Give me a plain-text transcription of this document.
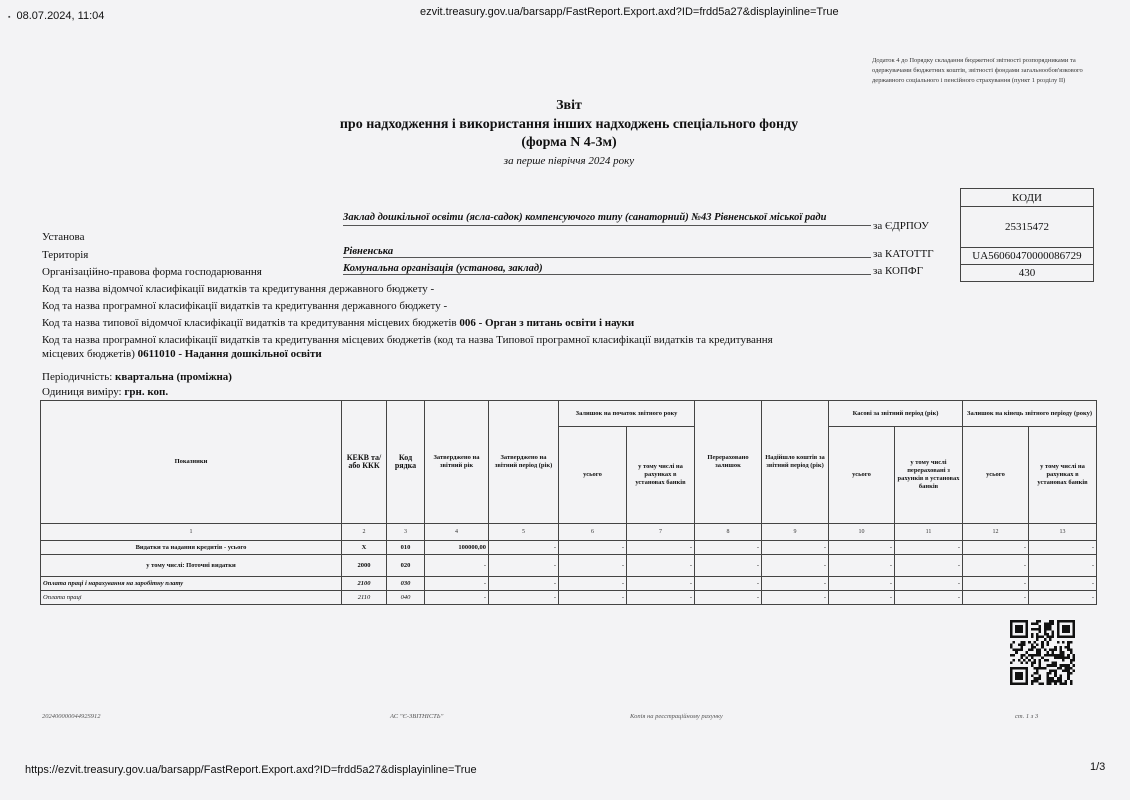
▪ 08.07.2024, 11:04	ezvit.treasury.gov.ua/barsapp/FastReport.Export.axd?ID=frdd5a27&displayinline=True
Додаток 4 до Порядку складання бюджетної звітності розпорядниками та одержувачами бюджетних коштів, звітності фондами загальнообов'язкового державного соціального і пенсійного страхування (пункт 1 розділу ІІ)
Звіт
про надходження і використання інших надходжень спеціального фонду
(форма N 4-3м)
за перше півріччя 2024 року
КОДИ
25315472
UA56060470000086729
430
Установа
Заклад дошкільної освіти (ясла-садок) компенсуючого типу (санаторний) №43 Рівненської міської ради
за ЄДРПОУ
Територія	Рівненська	за КАТОТТГ
Організаційно-правова форма господарювання	Комунальна організація (установа, заклад)	за КОПФГ
Код та назва відомчої класифікації видатків та кредитування державного бюджету -
Код та назва програмної класифікації видатків та кредитування державного бюджету -
Код та назва типової відомчої класифікації видатків та кредитування місцевих бюджетів 006 - Орган з питань освіти і науки
Код та назва програмної класифікації видатків та кредитування місцевих бюджетів (код та назва Типової програмної класифікації видатків та кредитування
місцевих бюджетів) 0611010 - Надання дошкільної освіти
Періодичність: квартальна (проміжна)
Одиниця виміру: грн. коп.
Показники	КЕКВ та/або ККК	Код рядка	Затверджено на звітний рік	Затверджено на звітний період (рік)	Залишок на початок звітного року		Перераховано залишок	Надійшло коштів за звітний період (рік)	Касові за звітний період (рік)		Залишок на кінець звітного періоду (року)	
					усього	у тому числі на рахунках в установах банків			усього	у тому числі перераховані з рахунків в установах банків	усього	у тому числі на рахунках в установах банків
1	2	3	4	5	6	7	8	9	10	11	12	13
Видатки та надання кредитів - усього	X	010	100000,00	-	-	-	-	-	-	-	-	-
у тому числі: Поточні видатки	2000	020	-	-	-	-	-	-	-	-	-	-
Оплата праці і нарахування на заробітну плату	2100	030	-	-	-	-	-	-	-	-	-	-
Оплата праці	2110	040	-	-	-	-	-	-	-	-	-	-
20240000004492S912	АС "Є-ЗВІТНІСТЬ"	Копія на реєстраційному рахунку	ст. 1 з 3
https://ezvit.treasury.gov.ua/barsapp/FastReport.Export.axd?ID=frdd5a27&displayinline=True	1/3
